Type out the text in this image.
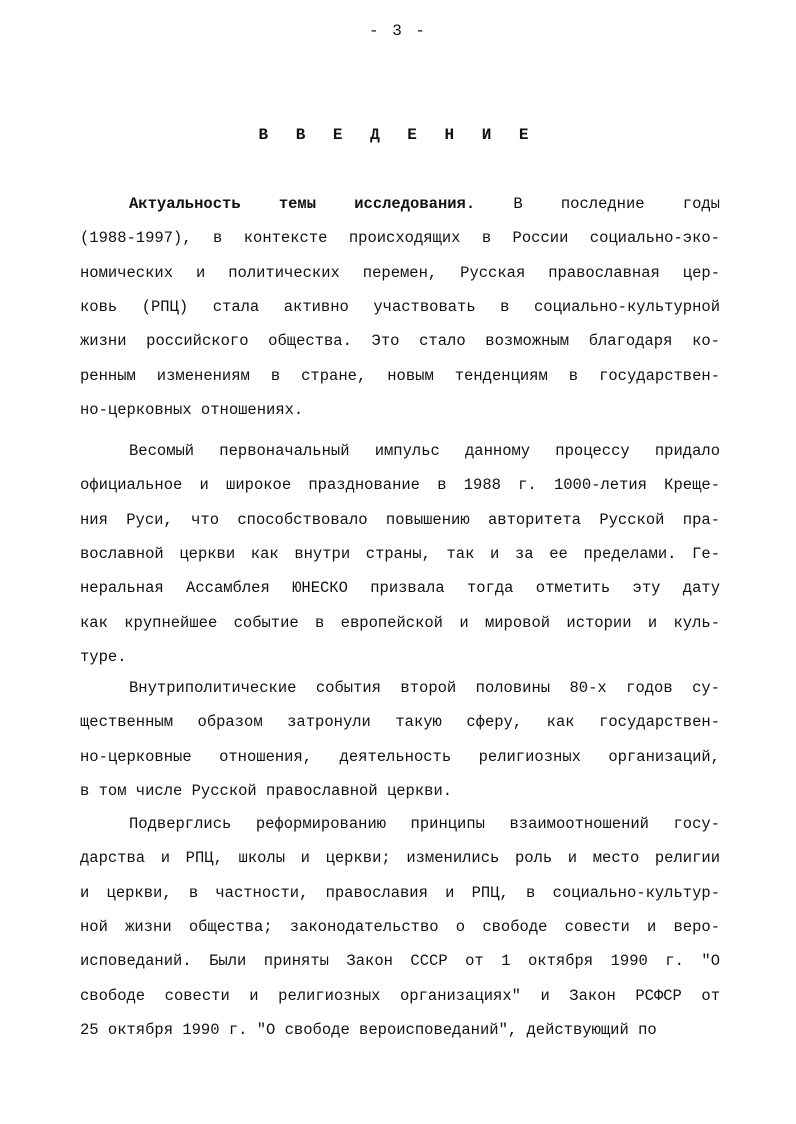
- 3 -
В В Е Д Е Н И Е
Актуальность темы исследования. В последние годы
(1988-1997), в контексте происходящих в России социально-эко-
номических и политических перемен, Русская православная цер-
ковь (РПЦ) стала активно участвовать в социально-культурной
жизни российского общества. Это стало возможным благодаря ко-
ренным изменениям в стране, новым тенденциям в государствен-
но-церковных отношениях.
Весомый первоначальный импульс данному процессу придало
официальное и широкое празднование в 1988 г. 1000-летия Креще-
ния Руси, что способствовало повышению авторитета Русской пра-
вославной церкви как внутри страны, так и за ее пределами. Ге-
неральная Ассамблея ЮНЕСКО призвала тогда отметить эту дату
как крупнейшее событие в европейской и мировой истории и куль-
туре.
Внутриполитические события второй половины 80-х годов су-
щественным образом затронули такую сферу, как государствен-
но-церковные отношения, деятельность религиозных организаций,
в том числе Русской православной церкви.
Подверглись реформированию принципы взаимоотношений госу-
дарства и РПЦ, школы и церкви; изменились роль и место религии
и церкви, в частности, православия и РПЦ, в социально-культур-
ной жизни общества; законодательство о свободе совести и веро-
исповеданий. Были приняты Закон СССР от 1 октября 1990 г. "О
свободе совести и религиозных организациях" и Закон РСФСР от
25 октября 1990 г. "О свободе вероисповеданий", действующий по
